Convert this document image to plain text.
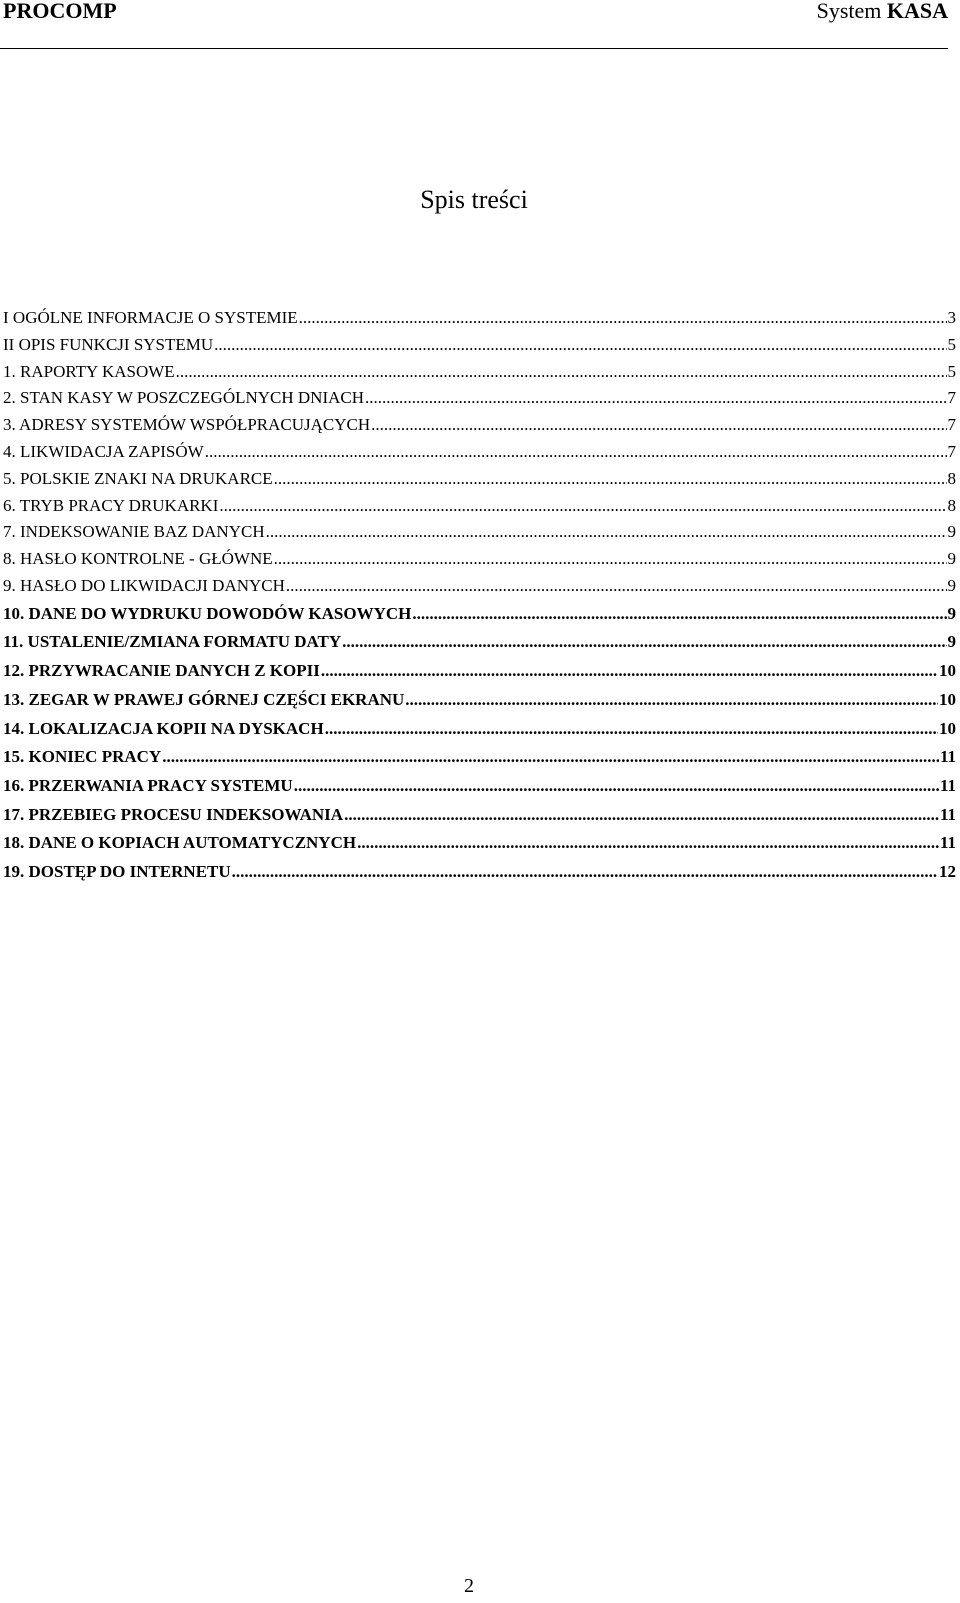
PROCOMP	System KASA
Spis treści
I OGÓLNE INFORMACJE O SYSTEMIE .....	3
II OPIS FUNKCJI SYSTEMU .....	5
1. RAPORTY KASOWE .....	5
2. STAN KASY W POSZCZEGÓLNYCH DNIACH .....	7
3. ADRESY SYSTEMÓW WSPÓŁPRACUJĄCYCH .....	7
4. LIKWIDACJA ZAPISÓW .....	7
5. POLSKIE ZNAKI NA DRUKARCE .....	8
6. TRYB PRACY DRUKARKI .....	8
7. INDEKSOWANIE BAZ DANYCH .....	9
8. HASŁO KONTROLNE - GŁÓWNE .....	9
9. HASŁO DO LIKWIDACJI DANYCH .....	9
10. DANE DO WYDRUKU DOWODÓW KASOWYCH .....	9
11. USTALENIE/ZMIANA FORMATU DATY .....	9
12. PRZYWRACANIE DANYCH Z KOPII .....	10
13. ZEGAR W PRAWEJ GÓRNEJ CZĘŚCI EKRANU .....	10
14. LOKALIZACJA KOPII NA DYSKACH .....	10
15. KONIEC PRACY .....	11
16. PRZERWANIA PRACY SYSTEMU .....	11
17. PRZEBIEG PROCESU INDEKSOWANIA .....	11
18. DANE O KOPIACH AUTOMATYCZNYCH .....	11
19. DOSTĘP DO INTERNETU .....	12
2
